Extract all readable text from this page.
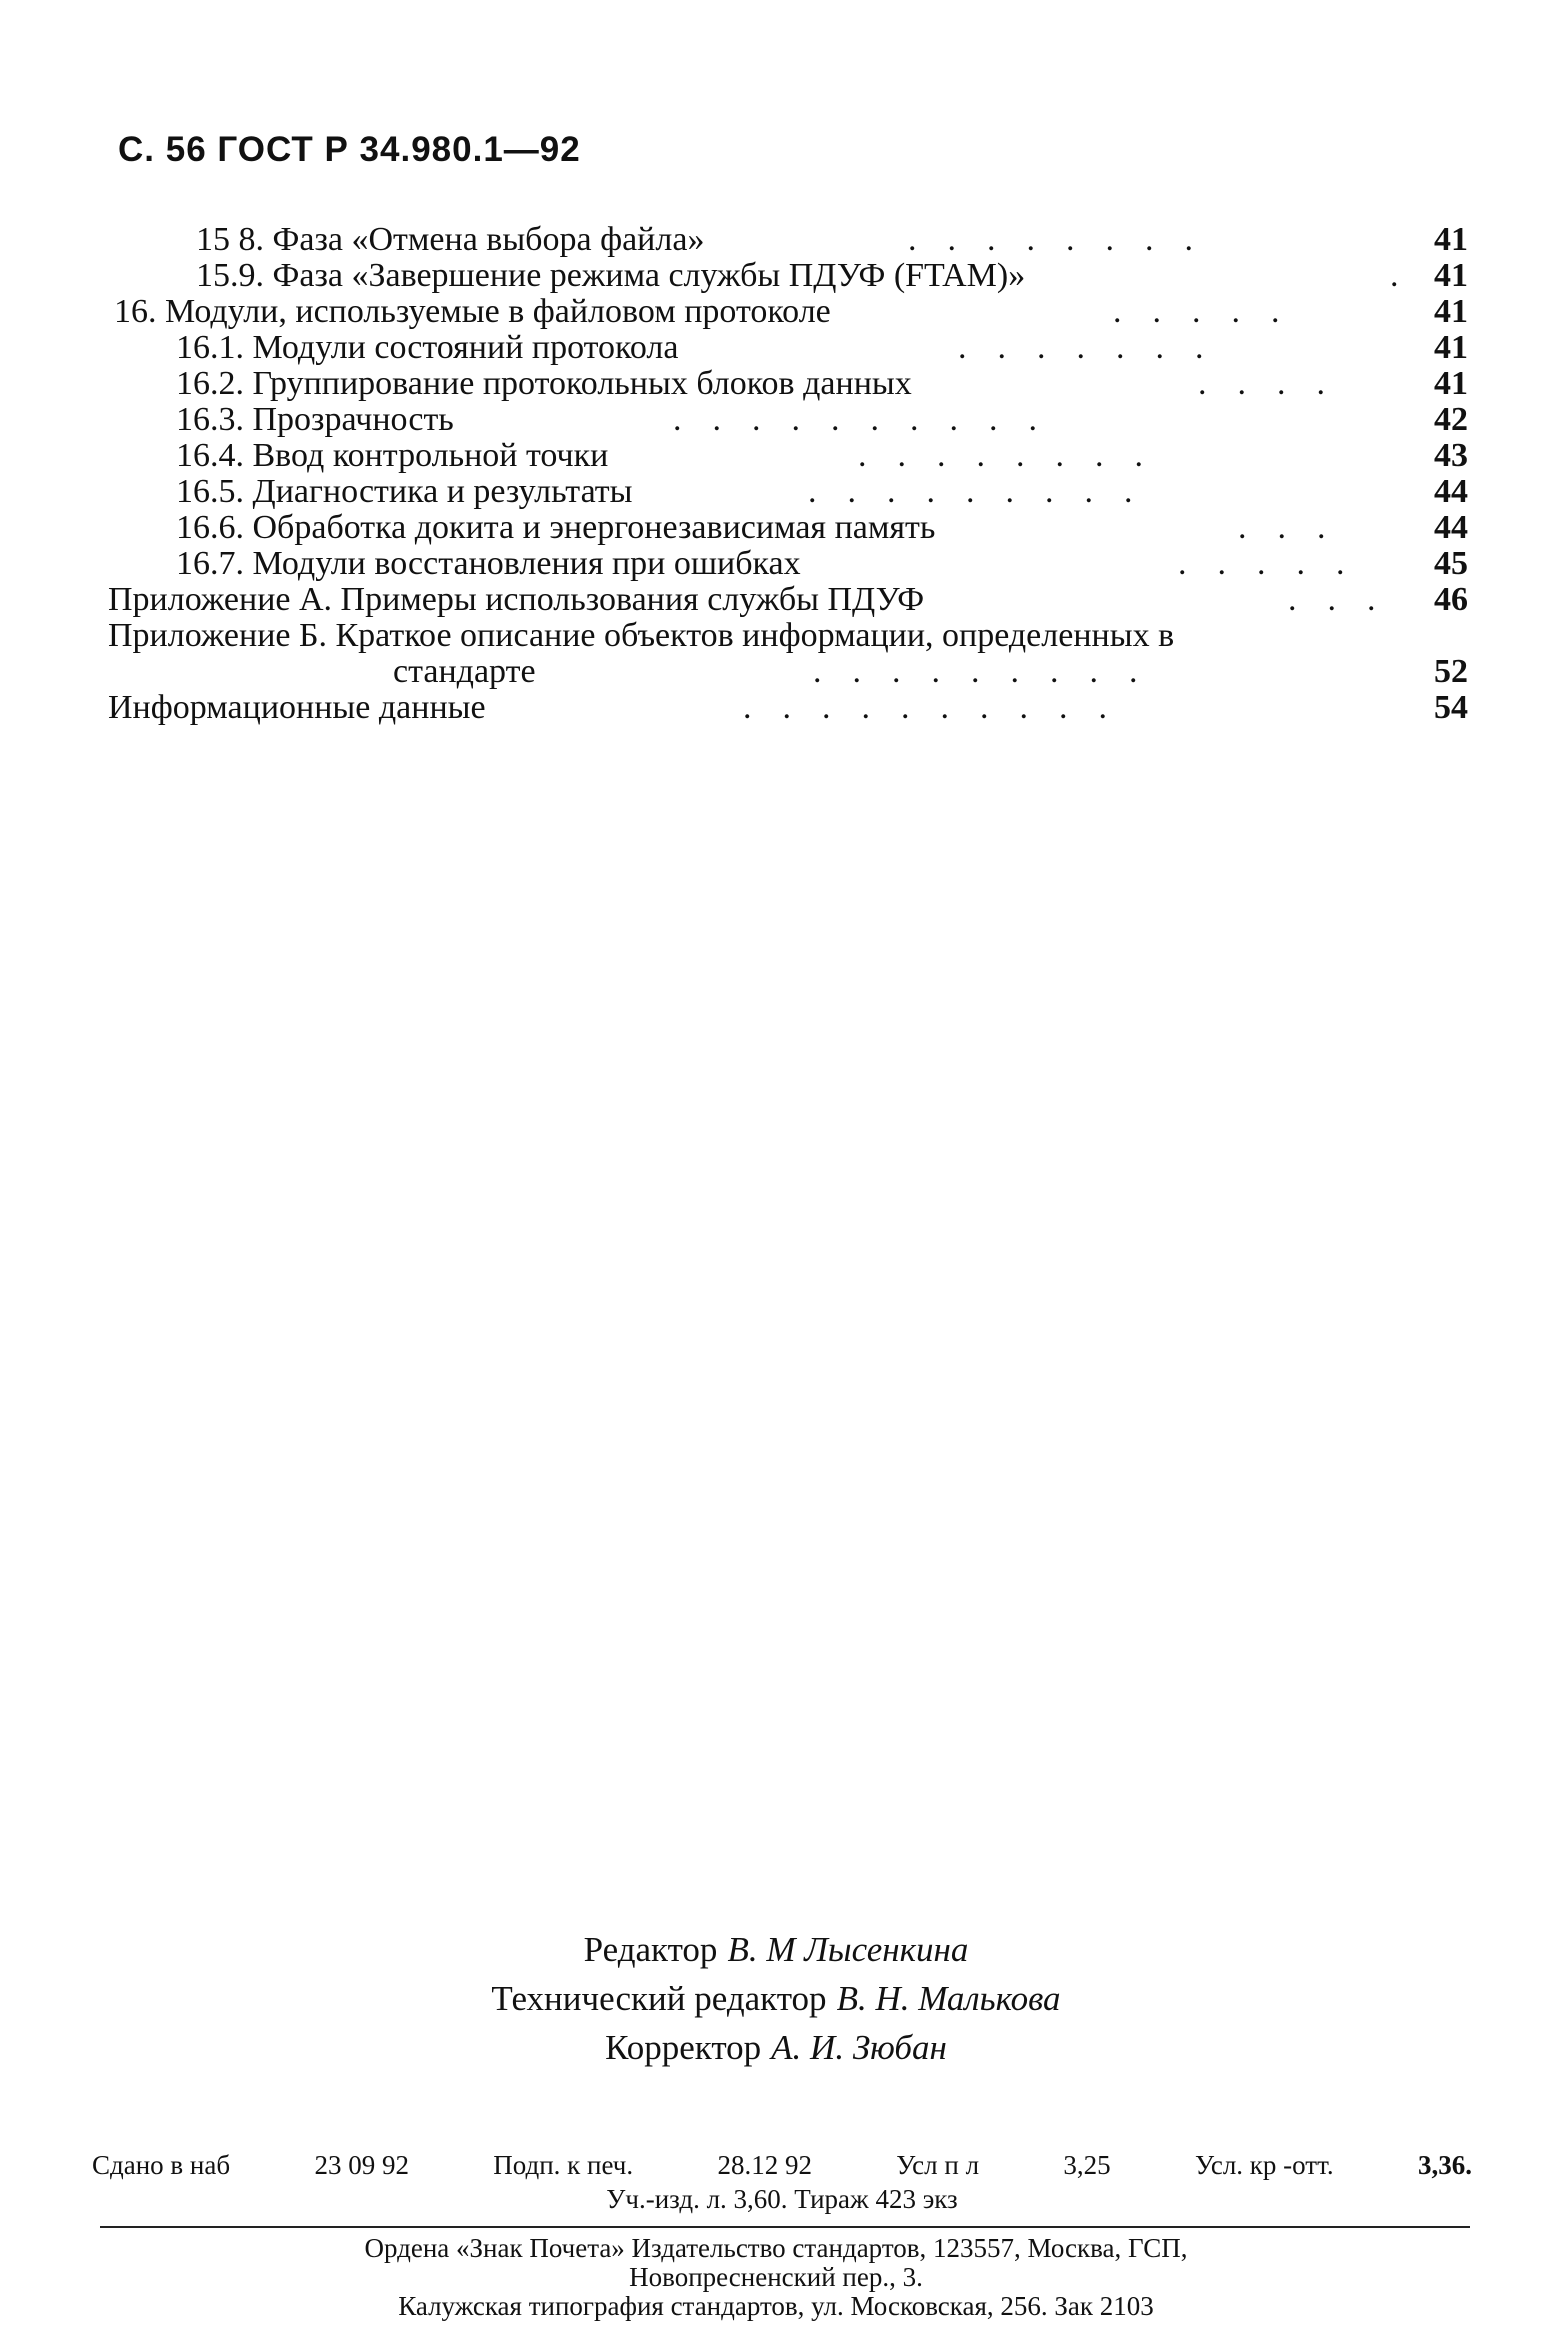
С. 56 ГОСТ Р 34.980.1—92
15 8. Фаза «Отмена выбора файла»	........	41
15.9. Фаза «Завершение режима службы ПДУФ (FTAM)»	. 41
16. Модули, используемые в файловом протоколе	.....	41
16.1. Модули состояний протокола	.......	41
16.2. Группирование протокольных блоков данных	.... 41
16.3. Прозрачность	..........	42
16.4. Ввод контрольной точки	........	43
16.5. Диагностика и результаты	.........	44
16.6. Обработка докита и энергонезависимая память	... 44
16.7. Модули восстановления при ошибках	..... 45
Приложение А. Примеры использования службы ПДУФ	... 46
Приложение Б. Краткое описание объектов информации, определенных в
стандарте	.........	52
Информационные данные	..........	54
Редактор В. М Лысенкина
Технический редактор В. Н. Малькова
Корректор А. И. Зюбан
Сдано в наб	23 09 92	Подп. к печ.	28.12 92	Усл п л	3,25	Усл. кр -отт.	3,36.
Уч.-изд. л. 3,60. Тираж 423 экз
Ордена «Знак Почета» Издательство стандартов, 123557, Москва, ГСП,
Новопресненский пер., 3.
Калужская типография стандартов, ул. Московская, 256. Зак 2103
